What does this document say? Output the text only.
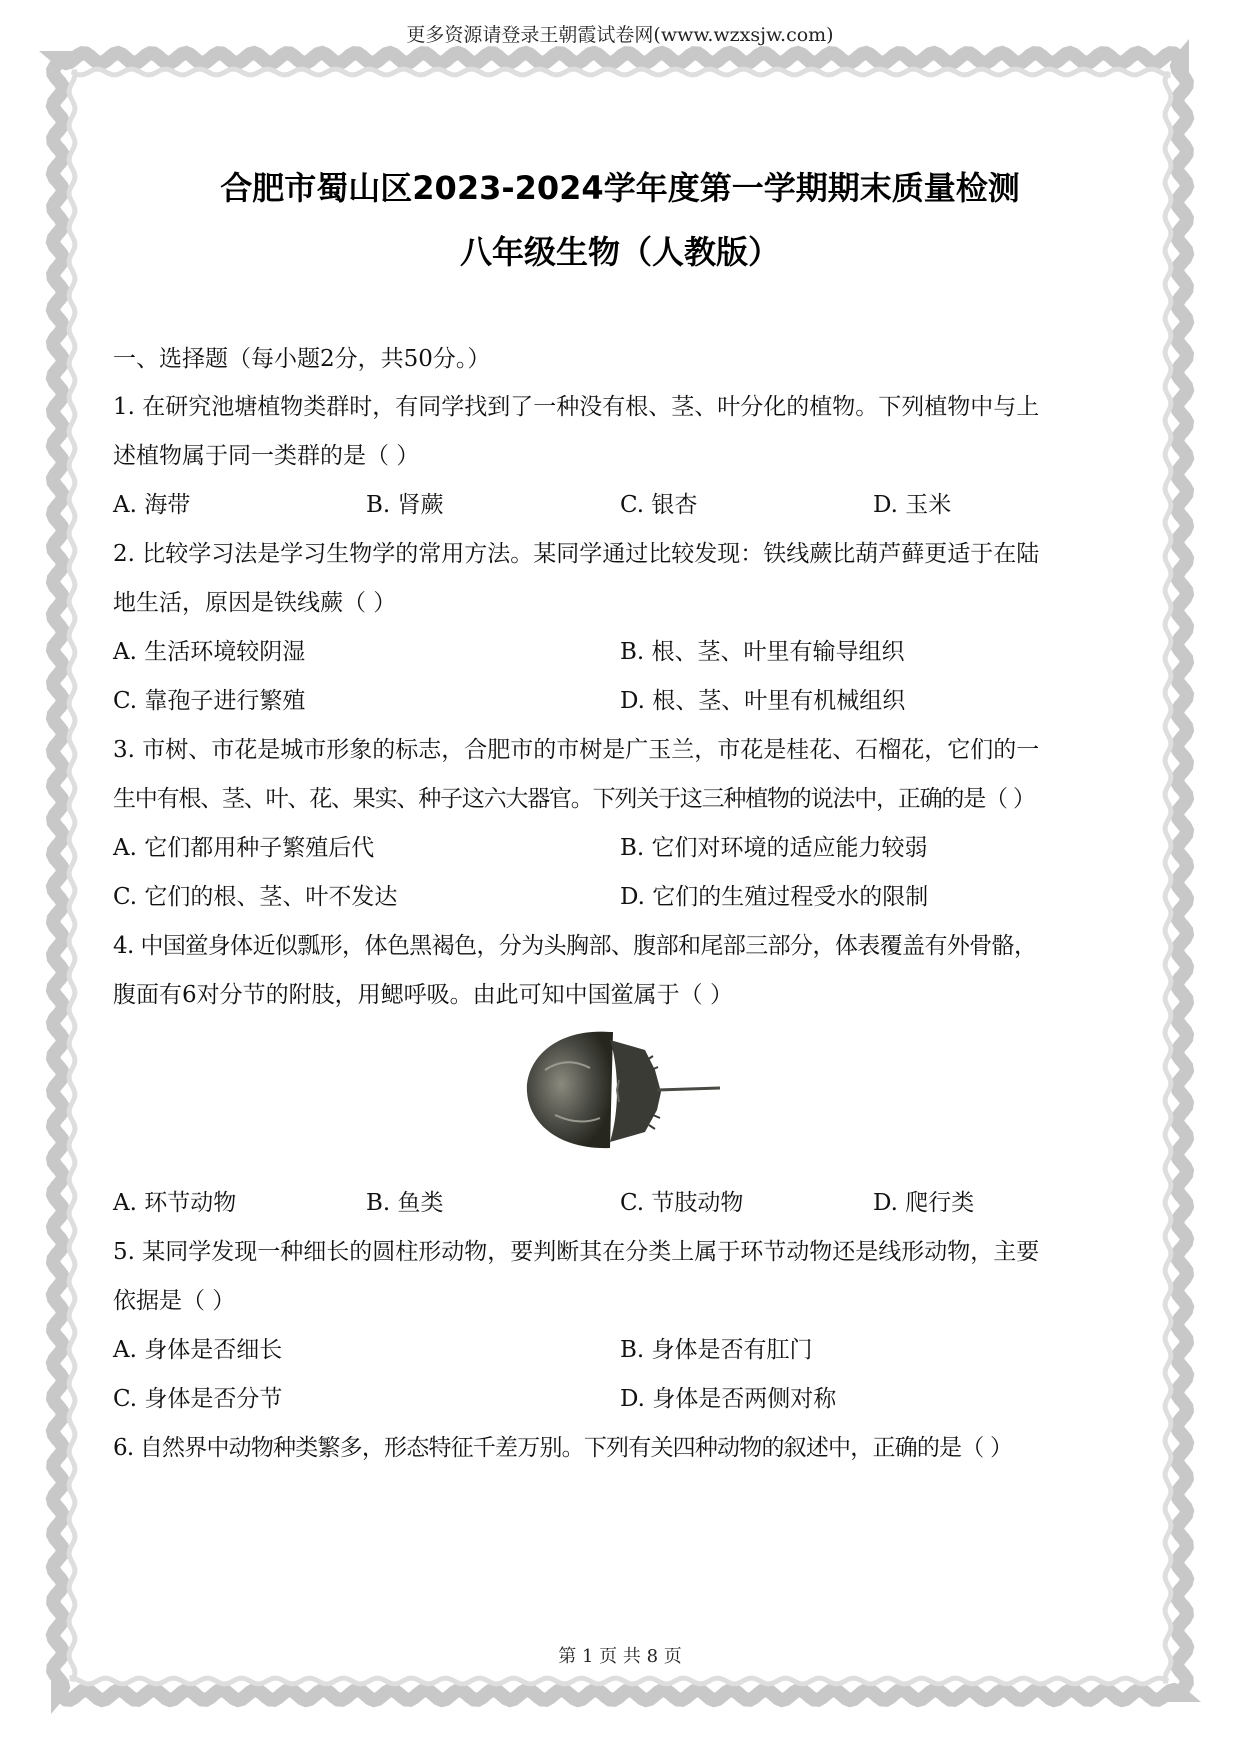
更多资源请登录王朝霞试卷网(www.wzxsjw.com)
合肥市蜀山区2023-2024学年度第一学期期末质量检测
八年级生物（人教版）
一、选择题（每小题2分，共50分。）
1. 在研究池塘植物类群时，有同学找到了一种没有根、茎、叶分化的植物。下列植物中与上
述植物属于同一类群的是（ ）
A. 海带	B. 肾蕨	C. 银杏	D. 玉米
2. 比较学习法是学习生物学的常用方法。某同学通过比较发现：铁线蕨比葫芦藓更适于在陆
地生活，原因是铁线蕨（ ）
A. 生活环境较阴湿	B. 根、茎、叶里有输导组织
C. 靠孢子进行繁殖	D. 根、茎、叶里有机械组织
3. 市树、市花是城市形象的标志，合肥市的市树是广玉兰，市花是桂花、石榴花，它们的一
生中有根、茎、叶、花、果实、种子这六大器官。下列关于这三种植物的说法中，正确的是（ ）
A. 它们都用种子繁殖后代	B. 它们对环境的适应能力较弱
C. 它们的根、茎、叶不发达	D. 它们的生殖过程受水的限制
4. 中国鲎身体近似瓢形，体色黑褐色，分为头胸部、腹部和尾部三部分，体表覆盖有外骨骼，
腹面有6对分节的附肢，用鳃呼吸。由此可知中国鲎属于（ ）
A. 环节动物	B. 鱼类	C. 节肢动物	D. 爬行类
5. 某同学发现一种细长的圆柱形动物，要判断其在分类上属于环节动物还是线形动物，主要
依据是（ ）
A. 身体是否细长	B. 身体是否有肛门
C. 身体是否分节	D. 身体是否两侧对称
6. 自然界中动物种类繁多，形态特征千差万别。下列有关四种动物的叙述中，正确的是（ ）
第 1 页 共 8 页
